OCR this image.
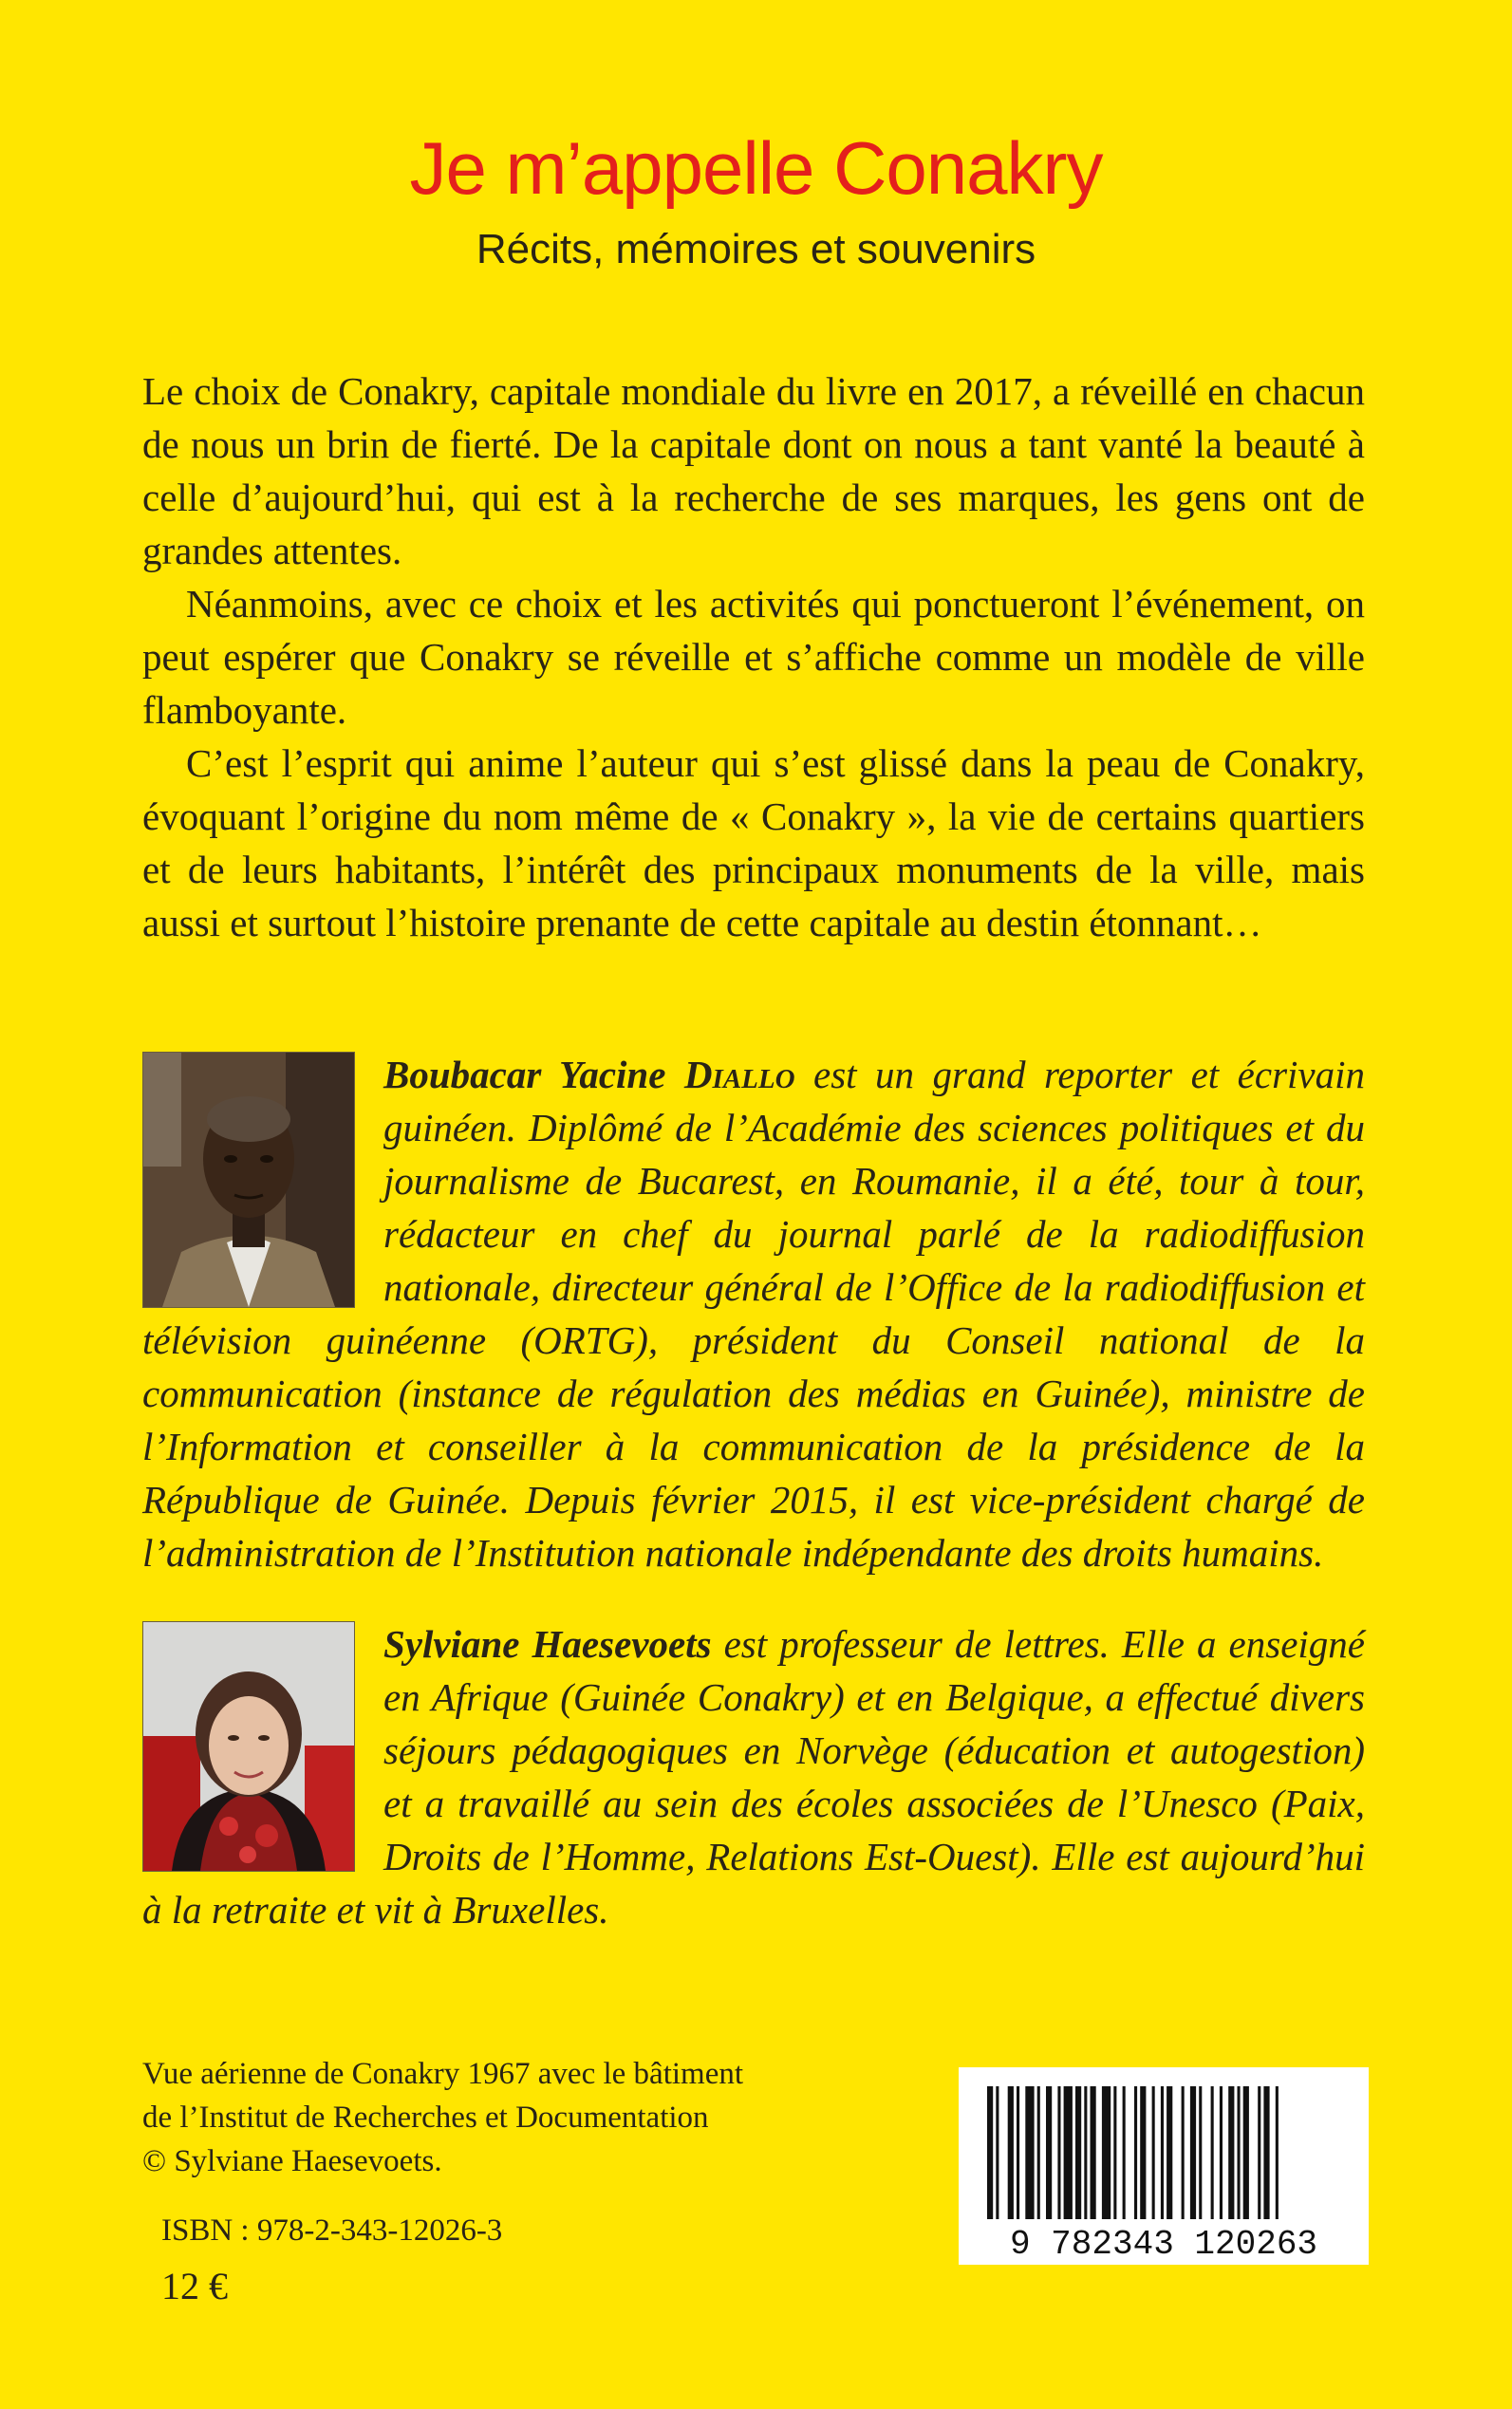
Je m’appelle Conakry
Récits, mémoires et souvenirs

Le choix de Conakry, capitale mondiale du livre en 2017, a réveillé en chacun de nous un brin de fierté. De la capitale dont on nous a tant vanté la beauté à celle d’aujourd’hui, qui est à la recherche de ses marques, les gens ont de grandes attentes.

Néanmoins, avec ce choix et les activités qui ponctueront l’événement, on peut espérer que Conakry se réveille et s’affiche comme un modèle de ville flamboyante.

C’est l’esprit qui anime l’auteur qui s’est glissé dans la peau de Conakry, évoquant l’origine du nom même de « Conakry », la vie de certains quartiers et de leurs habitants, l’intérêt des principaux monuments de la ville, mais aussi et surtout l’histoire prenante de cette capitale au destin étonnant…

Boubacar Yacine Diallo est un grand reporter et écrivain guinéen. Diplômé de l’Académie des sciences politiques et du journalisme de Bucarest, en Roumanie, il a été, tour à tour, rédacteur en chef du journal parlé de la radiodiffusion nationale, directeur général de l’Office de la radiodiffusion et télévision guinéenne (ORTG), président du Conseil national de la communication (instance de régulation des médias en Guinée), ministre de l’Information et conseiller à la communication de la présidence de la République de Guinée. Depuis février 2015, il est vice-président chargé de l’administration de l’Institution nationale indépendante des droits humains.
Sylviane Haesevoets est professeur de lettres. Elle a enseigné en Afrique (Guinée Conakry) et en Belgique, a effectué divers séjours pédagogiques en Norvège (éducation et autogestion) et a travaillé au sein des écoles associées de l’Unesco (Paix, Droits de l’Homme, Relations Est-Ouest). Elle est aujourd’hui à la retraite et vit à Bruxelles.
Vue aérienne de Conakry 1967 avec le bâtiment
de l’Institut de Recherches et Documentation
© Sylviane Haesevoets.
ISBN : 978-2-343-12026-3
12 €
9 782343 120263
